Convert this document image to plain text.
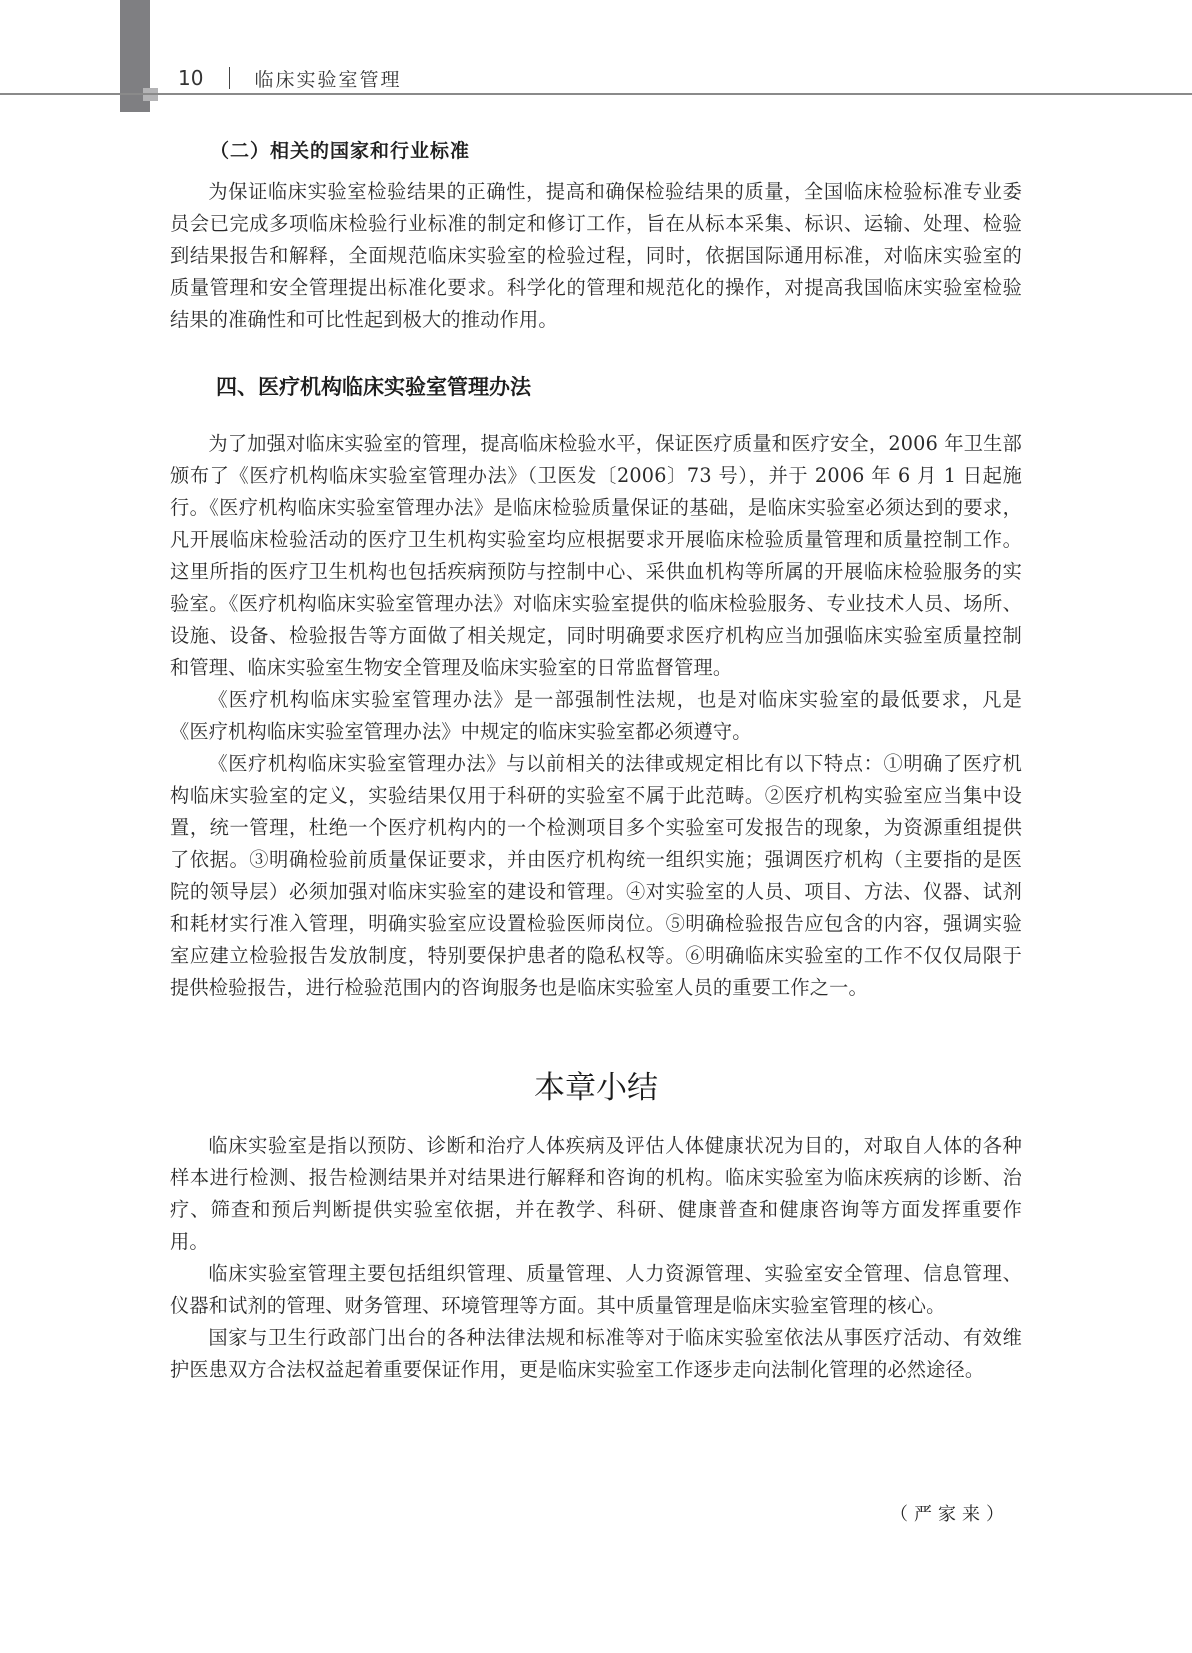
10	临床实验室管理
（二）相关的国家和行业标准

为保证临床实验室检验结果的正确性，提高和确保检验结果的质量，全国临床检验标准专业委员会已完成多项临床检验行业标准的制定和修订工作，旨在从标本采集、标识、运输、处理、检验到结果报告和解释，全面规范临床实验室的检验过程，同时，依据国际通用标准，对临床实验室的质量管理和安全管理提出标准化要求。科学化的管理和规范化的操作，对提高我国临床实验室检验结果的准确性和可比性起到极大的推动作用。

四、医疗机构临床实验室管理办法

为了加强对临床实验室的管理，提高临床检验水平，保证医疗质量和医疗安全，2006 年卫生部颁布了《医疗机构临床实验室管理办法》（卫医发〔2006〕73 号），并于 2006 年 6 月 1 日起施行。《医疗机构临床实验室管理办法》是临床检验质量保证的基础，是临床实验室必须达到的要求，凡开展临床检验活动的医疗卫生机构实验室均应根据要求开展临床检验质量管理和质量控制工作。这里所指的医疗卫生机构也包括疾病预防与控制中心、采供血机构等所属的开展临床检验服务的实验室。《医疗机构临床实验室管理办法》对临床实验室提供的临床检验服务、专业技术人员、场所、设施、设备、检验报告等方面做了相关规定，同时明确要求医疗机构应当加强临床实验室质量控制和管理、临床实验室生物安全管理及临床实验室的日常监督管理。

《医疗机构临床实验室管理办法》是一部强制性法规，也是对临床实验室的最低要求，凡是《医疗机构临床实验室管理办法》中规定的临床实验室都必须遵守。

《医疗机构临床实验室管理办法》与以前相关的法律或规定相比有以下特点：①明确了医疗机构临床实验室的定义，实验结果仅用于科研的实验室不属于此范畴。②医疗机构实验室应当集中设置，统一管理，杜绝一个医疗机构内的一个检测项目多个实验室可发报告的现象，为资源重组提供了依据。③明确检验前质量保证要求，并由医疗机构统一组织实施；强调医疗机构（主要指的是医院的领导层）必须加强对临床实验室的建设和管理。④对实验室的人员、项目、方法、仪器、试剂和耗材实行准入管理，明确实验室应设置检验医师岗位。⑤明确检验报告应包含的内容，强调实验室应建立检验报告发放制度，特别要保护患者的隐私权等。⑥明确临床实验室的工作不仅仅局限于提供检验报告，进行检验范围内的咨询服务也是临床实验室人员的重要工作之一。

本章小结

临床实验室是指以预防、诊断和治疗人体疾病及评估人体健康状况为目的，对取自人体的各种样本进行检测、报告检测结果并对结果进行解释和咨询的机构。临床实验室为临床疾病的诊断、治疗、筛查和预后判断提供实验室依据，并在教学、科研、健康普查和健康咨询等方面发挥重要作用。

临床实验室管理主要包括组织管理、质量管理、人力资源管理、实验室安全管理、信息管理、仪器和试剂的管理、财务管理、环境管理等方面。其中质量管理是临床实验室管理的核心。

国家与卫生行政部门出台的各种法律法规和标准等对于临床实验室依法从事医疗活动、有效维护医患双方合法权益起着重要保证作用，更是临床实验室工作逐步走向法制化管理的必然途径。

（严家来）
